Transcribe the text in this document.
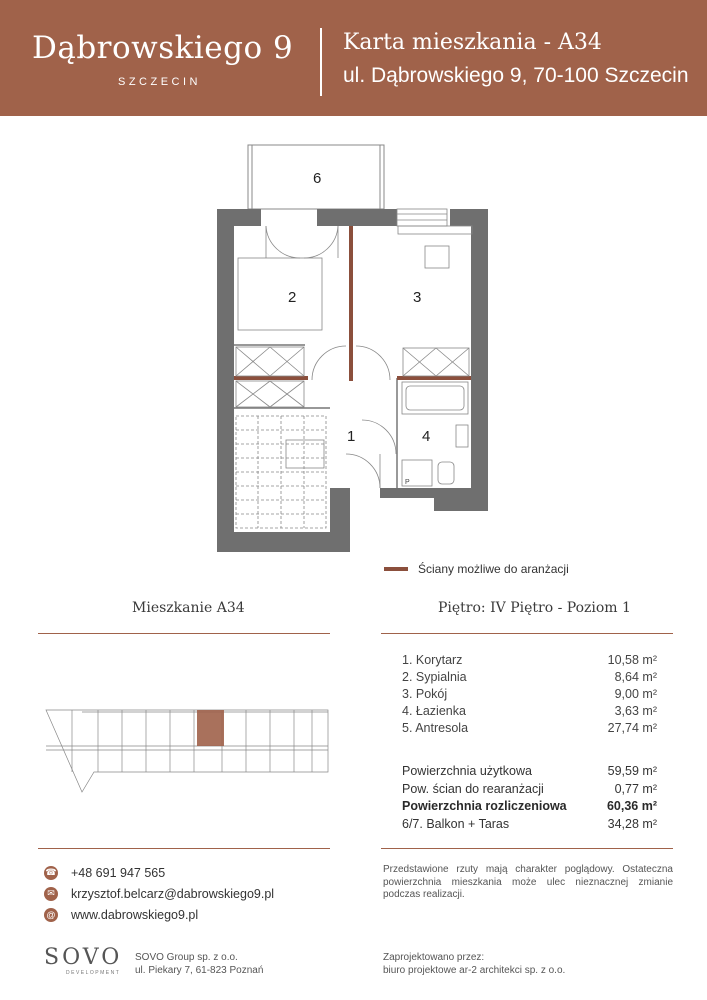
Dąbrowskiego 9
SZCZECIN
Karta mieszkania - A34
ul. Dąbrowskiego 9, 70-100 Szczecin
6
2	3
1	4
P
Ściany możliwe do aranżacji
Mieszkanie A34	Piętro: IV Piętro - Poziom 1
1. Korytarz	10,58 m²
2. Sypialnia	8,64 m²
3. Pokój	9,00 m²
4. Łazienka	3,63 m²
5. Antresola	27,74 m²
Powierzchnia użytkowa	59,59 m²
Pow. ścian do rearanżacji	0,77 m²
Powierzchnia rozliczeniowa	60,36 m²
6/7. Balkon + Taras	34,28 m²
☎ +48 691 947 565
✉ krzysztof.belcarz@dabrowskiego9.pl
@ www.dabrowskiego9.pl
Przedstawione rzuty mają charakter poglądowy. Ostateczna powierzchnia mieszkania może ulec nieznacznej zmianie podczas realizacji.
SOVO
DEVELOPMENT
SOVO Group sp. z o.o.
ul. Piekary 7, 61-823 Poznań
Zaprojektowano przez:
biuro projektowe ar-2 architekci sp. z o.o.
